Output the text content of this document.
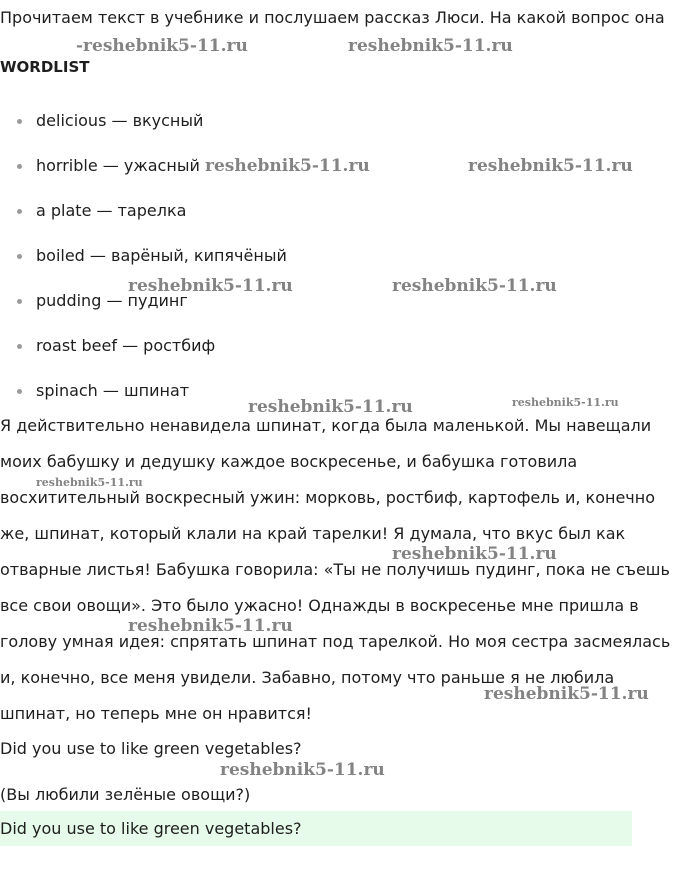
Прочитаем текст в учебнике и послушаем рассказ Люси. На какой вопрос она
WORDLIST
delicious — вкусный
horrible — ужасный
a plate — тарелка
boiled — варёный, кипячёный
pudding — пудинг
roast beef — ростбиф
spinach — шпинат

Я действительно ненавидела шпинат, когда была маленькой. Мы навещали моих бабушку и дедушку каждое воскресенье, и бабушка готовила восхитительный воскресный ужин: морковь, ростбиф, картофель и, конечно же, шпинат, который клали на край тарелки! Я думала, что вкус был как отварные листья! Бабушка говорила: «Ты не получишь пудинг, пока не съешь все свои овощи». Это было ужасно! Однажды в воскресенье мне пришла в голову умная идея: спрятать шпинат под тарелкой. Но моя сестра засмеялась и, конечно, все меня увидели. Забавно, потому что раньше я не любила шпинат, но теперь мне он нравится!

Did you use to like green vegetables?
(Вы любили зелёные овощи?)
Did you use to like green vegetables?
-reshebnik5-11.ru	reshebnik5-11.ru
reshebnik5-11.ru	reshebnik5-11.ru
reshebnik5-11.ru	reshebnik5-11.ru
reshebnik5-11.ru	reshebnik5-11.ru
reshebnik5-11.ru
reshebnik5-11.ru
reshebnik5-11.ru
reshebnik5-11.ru
reshebnik5-11.ru
